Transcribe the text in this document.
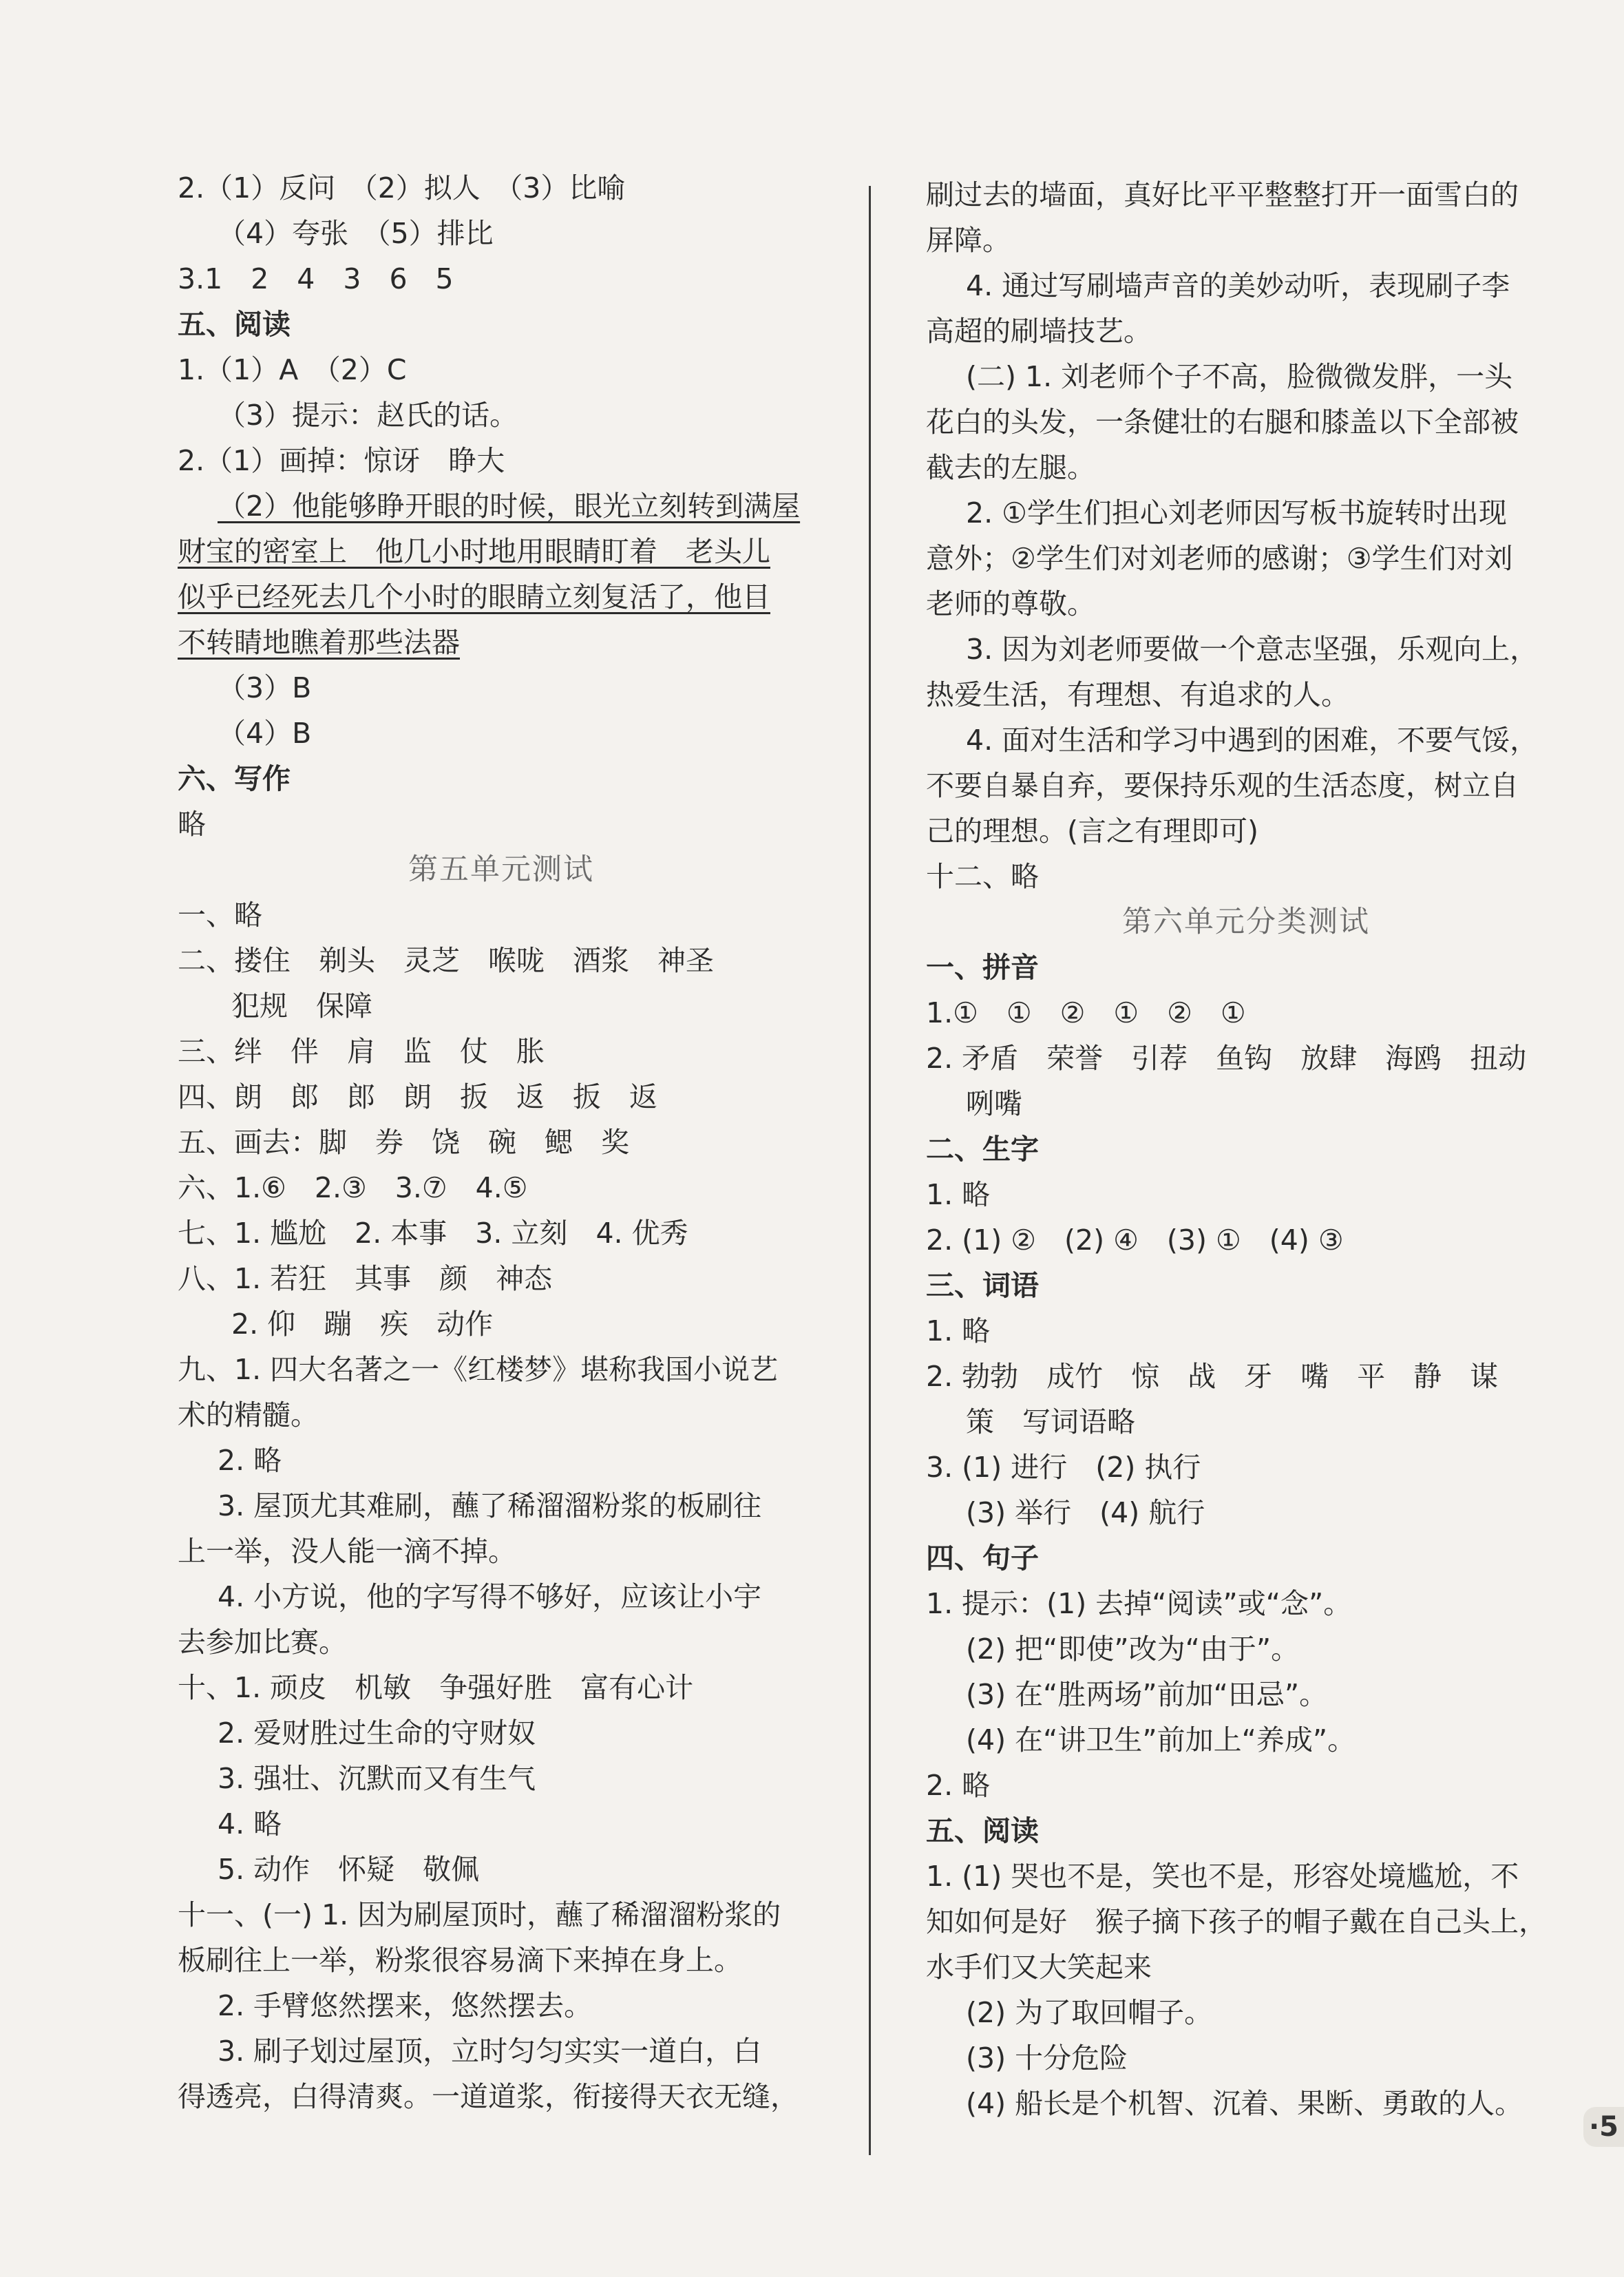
2.（1）反问　（2）拟人　（3）比喻
（4）夸张　（5）排比
3.1　2　4　3　6　5
五、阅读
1.（1）A　（2）C
（3）提示：赵氏的话。
2.（1）画掉：惊讶　睁大
（2）他能够睁开眼的时候，眼光立刻转到满屋
财宝的密室上　他几小时地用眼睛盯着　老头儿
似乎已经死去几个小时的眼睛立刻复活了，他目
不转睛地瞧着那些法器
（3）B
（4）B
六、写作
略
第五单元测试
一、略
二、搂住　剃头　灵芝　喉咙　酒浆　神圣
犯规　保障
三、绊　伴　肩　监　仗　胀
四、朗　郎　郎　朗　扳　返　扳　返
五、画去：脚　券　饶　碗　鳃　奖
六、1.⑥　2.③　3.⑦　4.⑤
七、1. 尴尬　2. 本事　3. 立刻　4. 优秀
八、1. 若狂　其事　颜　神态
2. 仰　蹦　疾　动作
九、1. 四大名著之一《红楼梦》堪称我国小说艺
术的精髓。
2. 略
3. 屋顶尤其难刷，蘸了稀溜溜粉浆的板刷往
上一举，没人能一滴不掉。
4. 小方说，他的字写得不够好，应该让小宇
去参加比赛。
十、1. 顽皮　机敏　争强好胜　富有心计
2. 爱财胜过生命的守财奴
3. 强壮、沉默而又有生气
4. 略
5. 动作　怀疑　敬佩
十一、(一) 1. 因为刷屋顶时，蘸了稀溜溜粉浆的
板刷往上一举，粉浆很容易滴下来掉在身上。
2. 手臂悠然摆来，悠然摆去。
3. 刷子划过屋顶，立时匀匀实实一道白，白
得透亮，白得清爽。一道道浆，衔接得天衣无缝，
刷过去的墙面，真好比平平整整打开一面雪白的
屏障。
4. 通过写刷墙声音的美妙动听，表现刷子李
高超的刷墙技艺。
(二) 1. 刘老师个子不高，脸微微发胖，一头
花白的头发，一条健壮的右腿和膝盖以下全部被
截去的左腿。
2. ①学生们担心刘老师因写板书旋转时出现
意外；②学生们对刘老师的感谢；③学生们对刘
老师的尊敬。
3. 因为刘老师要做一个意志坚强，乐观向上，
热爱生活，有理想、有追求的人。
4. 面对生活和学习中遇到的困难，不要气馁，
不要自暴自弃，要保持乐观的生活态度，树立自
己的理想。(言之有理即可)
十二、略
第六单元分类测试
一、拼音
1.①　①　②　①　②　①
2. 矛盾　荣誉　引荐　鱼钩　放肆　海鸥　扭动
咧嘴
二、生字
1. 略
2. (1) ②　(2) ④　(3) ①　(4) ③
三、词语
1. 略
2. 勃勃　成竹　惊　战　牙　嘴　平　静　谋
策　写词语略
3. (1) 进行　(2) 执行
(3) 举行　(4) 航行
四、句子
1. 提示：(1) 去掉“阅读”或“念”。
(2) 把“即使”改为“由于”。
(3) 在“胜两场”前加“田忌”。
(4) 在“讲卫生”前加上“养成”。
2. 略
五、阅读
1. (1) 哭也不是，笑也不是，形容处境尴尬，不
知如何是好　猴子摘下孩子的帽子戴在自己头上，
水手们又大笑起来
(2) 为了取回帽子。
(3) 十分危险
(4) 船长是个机智、沉着、果断、勇敢的人。
·5
